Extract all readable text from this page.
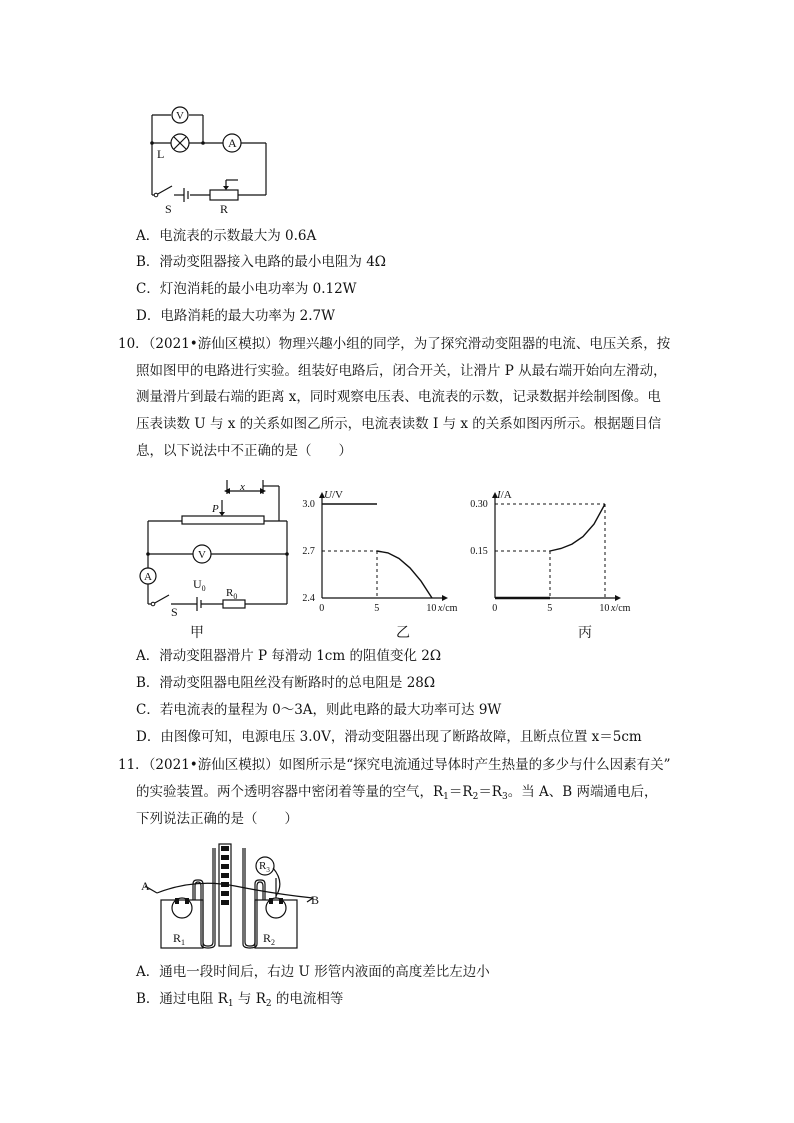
V
A
L
S	R
A．电流表的示数最大为 0.6A
B．滑动变阻器接入电路的最小电阻为 4Ω
C．灯泡消耗的最小电功率为 0.12W
D．电路消耗的最大功率为 2.7W
10．（2021•游仙区模拟）物理兴趣小组的同学，为了探究滑动变阻器的电流、电压关系，按
照如图甲的电路进行实验。组装好电路后，闭合开关，让滑片 P 从最右端开始向左滑动，
测量滑片到最右端的距离 x，同时观察电压表、电流表的示数，记录数据并绘制图像。电
压表读数 U 与 x 的关系如图乙所示，电流表读数 I 与 x 的关系如图丙所示。根据题目信
息，以下说法中不正确的是（　　）
x
P
V
A	$U_0$
S
$R_0$
甲
U/V
x/cm
0	5	10
2.4
2.7
3.0
乙
I/A
x/cm
0	5	10
0.15
0.30
丙
A．滑动变阻器滑片 P 每滑动 1cm 的阻值变化 2Ω
B．滑动变阻器电阻丝没有断路时的总电阻是 28Ω
C．若电流表的量程为 0～3A，则此电路的最大功率可达 9W
D．由图像可知，电源电压 3.0V，滑动变阻器出现了断路故障，且断点位置 x＝5cm
11．（2021•游仙区模拟）如图所示是“探究电流通过导体时产生热量的多少与什么因素有关”
的实验装置。两个透明容器中密闭着等量的空气，$R_1=R_2=R_3$。当 A、B 两端通电后，
下列说法正确的是（　　）
A
B
$R_1$	$R_2$
$R_3$
A．通电一段时间后，右边 U 形管内液面的高度差比左边小
B．通过电阻 $R_1$ 与 $R_2$ 的电流相等
